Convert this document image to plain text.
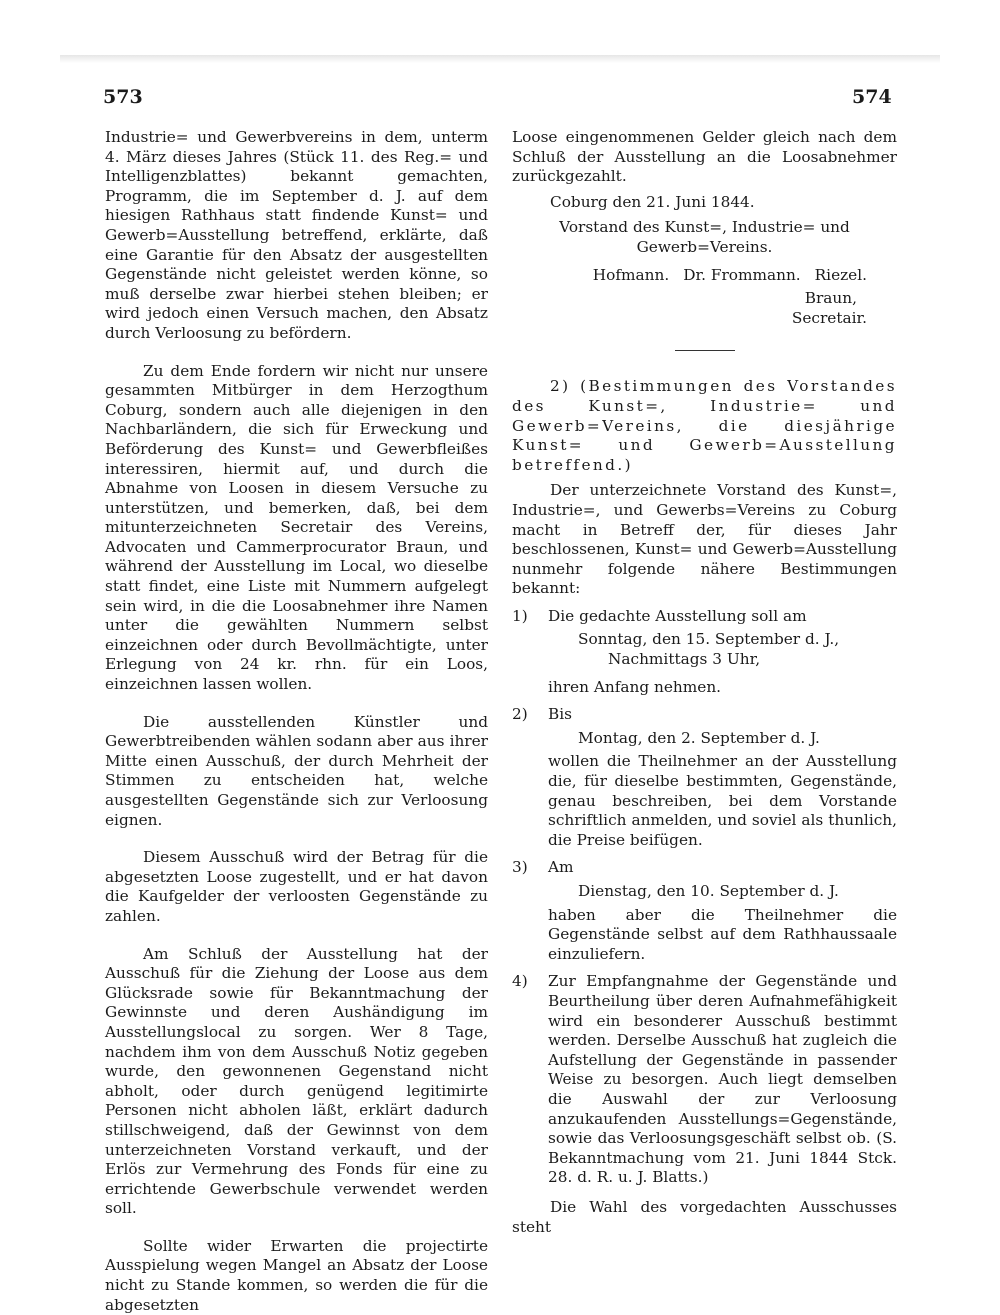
573	574

Industrie= und Gewerbvereins in dem, unterm 4. März dieses Jahres (Stück 11. des Reg.= und Intelligenzblattes) bekannt gemachten, Programm, die im September d. J. auf dem hiesigen Rathhaus statt findende Kunst= und Gewerb=Ausstellung betreffend, erklärte, daß eine Garantie für den Absatz der ausgestellten Gegenstände nicht geleistet werden könne, so muß derselbe zwar hierbei stehen bleiben; er wird jedoch einen Versuch machen, den Absatz durch Verloosung zu befördern.

Zu dem Ende fordern wir nicht nur unsere gesammten Mitbürger in dem Herzogthum Coburg, sondern auch alle diejenigen in den Nachbarländern, die sich für Erweckung und Beförderung des Kunst= und Gewerbfleißes interessiren, hiermit auf, und durch die Abnahme von Loosen in diesem Versuche zu unterstützen, und bemerken, daß, bei dem mitunterzeichneten Secretair des Vereins, Advocaten und Cammerprocurator Braun, und während der Ausstellung im Local, wo dieselbe statt findet, eine Liste mit Nummern aufgelegt sein wird, in die die Loosabnehmer ihre Namen unter die gewählten Nummern selbst einzeichnen oder durch Bevollmächtigte, unter Erlegung von 24 kr. rhn. für ein Loos, einzeichnen lassen wollen.

Die ausstellenden Künstler und Gewerbtreibenden wählen sodann aber aus ihrer Mitte einen Ausschuß, der durch Mehrheit der Stimmen zu entscheiden hat, welche ausgestellten Gegenstände sich zur Verloosung eignen.

Diesem Ausschuß wird der Betrag für die abgesetzten Loose zugestellt, und er hat davon die Kaufgelder der verloosten Gegenstände zu zahlen.

Am Schluß der Ausstellung hat der Ausschuß für die Ziehung der Loose aus dem Glücksrade sowie für Bekanntmachung der Gewinnste und deren Aushändigung im Ausstellungslocal zu sorgen. Wer 8 Tage, nachdem ihm von dem Ausschuß Notiz gegeben wurde, den gewonnenen Gegenstand nicht abholt, oder durch genügend legitimirte Personen nicht abholen läßt, erklärt dadurch stillschweigend, daß der Gewinnst von dem unterzeichneten Vorstand verkauft, und der Erlös zur Vermehrung des Fonds für eine zu errichtende Gewerbschule verwendet werden soll.

Sollte wider Erwarten die projectirte Ausspielung wegen Mangel an Absatz der Loose nicht zu Stande kommen, so werden die für die abgesetzten

Loose eingenommenen Gelder gleich nach dem Schluß der Ausstellung an die Loosabnehmer zurückgezahlt.

Coburg den 21. Juni 1844.

Vorstand des Kunst=, Industrie= und Gewerb=Vereins.

Hofmann. Dr. Frommann. Riezel.

Braun,

Secretair.

2) (Bestimmungen des Vorstandes des Kunst=, Industrie= und Gewerb=Vereins, die diesjährige Kunst= und Gewerb=Ausstellung betreffend.)

Der unterzeichnete Vorstand des Kunst=, Industrie=, und Gewerbs=Vereins zu Coburg macht in Betreff der, für dieses Jahr beschlossenen, Kunst= und Gewerb=Ausstellung nunmehr folgende nähere Bestimmungen bekannt:

1)	Die gedachte Ausstellung soll am

Sonntag, den 15. September d. J.,

Nachmittags 3 Uhr,

ihren Anfang nehmen.

2)	Bis

Montag, den 2. September d. J.

wollen die Theilnehmer an der Ausstellung die, für dieselbe bestimmten, Gegenstände, genau beschreiben, bei dem Vorstande schriftlich anmelden, und soviel als thunlich, die Preise beifügen.

3)	Am

Dienstag, den 10. September d. J.

haben aber die Theilnehmer die Gegenstände selbst auf dem Rathhaussaale einzuliefern.

4)	Zur Empfangnahme der Gegenstände und Beurtheilung über deren Aufnahmefähigkeit wird ein besonderer Ausschuß bestimmt werden. Derselbe Ausschuß hat zugleich die Aufstellung der Gegenstände in passender Weise zu besorgen. Auch liegt demselben die Auswahl der zur Verloosung anzukaufenden Ausstellungs=Gegenstände, sowie das Verloosungsgeschäft selbst ob. (S. Bekanntmachung vom 21. Juni 1844 Stck. 28. d. R. u. J. Blatts.)

Die Wahl des vorgedachten Ausschusses steht
